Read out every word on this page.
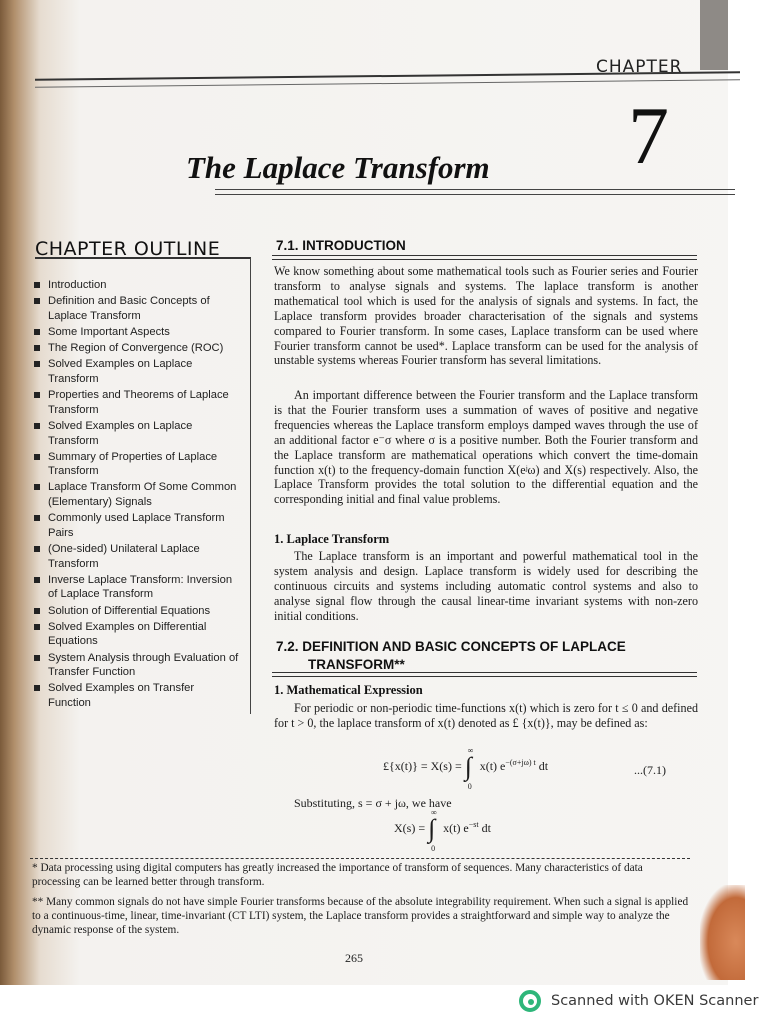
CHAPTER
7
The Laplace Transform
CHAPTER OUTLINE
Introduction
Definition and Basic Concepts of Laplace Transform
Some Important Aspects
The Region of Convergence (ROC)
Solved Examples on Laplace Transform
Properties and Theorems of Laplace Transform
Solved Examples on Laplace Transform
Summary of Properties of Laplace Transform
Laplace Transform Of Some Common (Elementary) Signals
Commonly used Laplace Transform Pairs
(One-sided) Unilateral Laplace Transform
Inverse Laplace Transform: Inversion of Laplace Transform
Solution of Differential Equations
Solved Examples on Differential Equations
System Analysis through Evaluation of Transfer Function
Solved Examples on Transfer Function
7.1. INTRODUCTION

We know something about some mathematical tools such as Fourier series and Fourier transform to analyse signals and systems. The laplace transform is another mathematical tool which is used for the analysis of signals and systems. In fact, the Laplace transform provides broader characterisation of the signals and systems compared to Fourier transform. In some cases, Laplace transform can be used where Fourier transform cannot be used*. Laplace transform can be used for the analysis of unstable systems whereas Fourier transform has several limitations.

An important difference between the Fourier transform and the Laplace transform is that the Fourier transform uses a summation of waves of positive and negative frequencies whereas the Laplace transform employs damped waves through the use of an additional factor e⁻σ where σ is a positive number. Both the Fourier transform and the Laplace transform are mathematical operations which convert the time-domain function x(t) to the frequency-domain function X(eʲω) and X(s) respectively. Also, the Laplace Transform provides the total solution to the differential equation and the corresponding initial and final value problems.

1. Laplace Transform

The Laplace transform is an important and powerful mathematical tool in the system analysis and design. Laplace transform is widely used for describing the continuous circuits and systems including automatic control systems and also to analyse signal flow through the causal linear-time invariant systems with non-zero initial conditions.

7.2. DEFINITION AND BASIC CONCEPTS OF LAPLACE
TRANSFORM**
1. Mathematical Expression

For periodic or non-periodic time-functions x(t) which is zero for t ≤ 0 and defined for t > 0, the laplace transform of x(t) denoted as £ {x(t)}, may be defined as:

£{x(t)} = X(s) = ∫
∞
0
x(t) $e^{-(\sigma+j\omega) t}$ dt	...(7.1)
Substituting, s = σ + jω, we have
X(s) = ∫
∞
0
x(t) $e^{-st}$ dt

* Data processing using digital computers has greatly increased the importance of transform of sequences. Many characteristics of data processing can be learned better through transform.

** Many common signals do not have simple Fourier transforms because of the absolute integrability requirement. When such a signal is applied to a continuous-time, linear, time-invariant (CT LTI) system, the Laplace transform provides a straightforward and simple way to analyze the dynamic response of the system.

265
Scanned with OKEN Scanner
